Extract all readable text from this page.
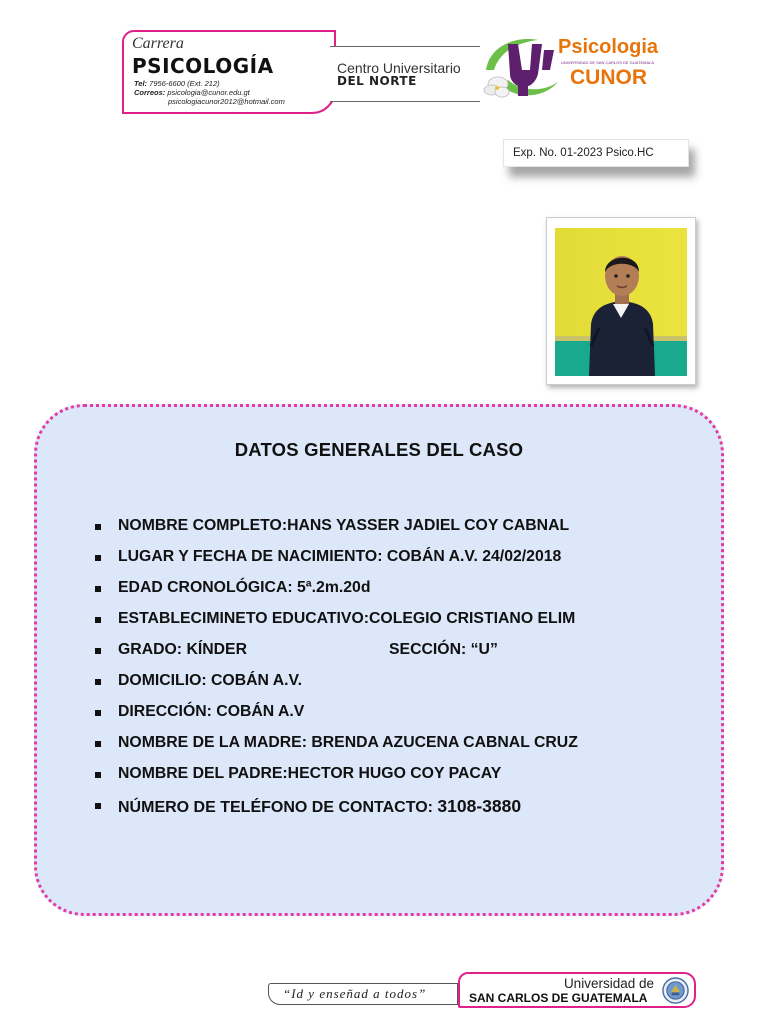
Carrera
PSICOLOGÍA
Tel: 7956-6600 (Ext. 212)
Correos: psicologia@cunor.edu.gt
psicologiacunor2012@hotmail.com
Centro Universitario
DEL NORTE
Psicologia
UNIVERSIDAD DE SAN CARLOS DE GUATEMALA
CUNOR
Exp. No. 01-2023 Psico.HC
DATOS GENERALES DEL CASO
NOMBRE COMPLETO:HANS YASSER JADIEL COY CABNAL
LUGAR Y FECHA DE NACIMIENTO: COBÁN A.V. 24/02/2018
EDAD CRONOLÓGICA: 5ª.2m.20d
ESTABLECIMINETO EDUCATIVO:COLEGIO CRISTIANO ELIM
GRADO: KÍNDER	SECCIÓN: “U”
DOMICILIO: COBÁN A.V.
DIRECCIÓN: COBÁN A.V
NOMBRE DE LA MADRE: BRENDA AZUCENA CABNAL CRUZ
NOMBRE DEL PADRE:HECTOR HUGO COY PACAY
NÚMERO DE TELÉFONO DE CONTACTO: 3108-3880
“Id y enseñad a todos”
Universidad de
SAN CARLOS DE GUATEMALA
